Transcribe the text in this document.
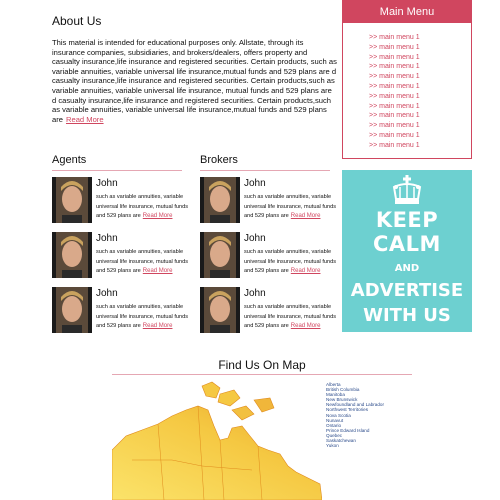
About Us

This material is intended for educational purposes only. Allstate, through its insurance companies, subsidiaries, and brokers/dealers, offers property and casualty insurance,life insurance and registered securities. Certain products, such as variable annuities, variable universal life insurance,mutual funds and 529 plans are d casualty insurance,life insurance and registered securities. Certain products,such as variable annuities, variable universal life insurance, mutual funds and 529 plans are d casualty insurance,life insurance and registered securities. Certain products,such as variable annuities, variable universal life insurance,mutual funds and 529 plans are Read More

Main Menu
>> main menu 1
>> main menu 1
>> main menu 1
>> main menu 1
>> main menu 1
>> main menu 1
>> main menu 1
>> main menu 1
>> main menu 1
>> main menu 1
>> main menu 1
>> main menu 1
Agents	Brokers
John
such as variable annuities, variable universal life insurance, mutual funds and 529 plans are Read More
John
such as variable annuities, variable universal life insurance, mutual funds and 529 plans are Read More
John
such as variable annuities, variable universal life insurance, mutual funds and 529 plans are Read More
John
such as variable annuities, variable universal life insurance, mutual funds and 529 plans are Read More
John
such as variable annuities, variable universal life insurance, mutual funds and 529 plans are Read More
John
such as variable annuities, variable universal life insurance, mutual funds and 529 plans are Read More
KEEP
CALM
AND
ADVERTISE
WITH US
Find Us On Map
Alberta
British Columbia
Manitoba
New Brunswick
Newfoundland and Labrador
Northwest Territories
Nova Scotia
Nunavut
Ontario
Prince Edward Island
Quebec
Saskatchewan
Yukon
